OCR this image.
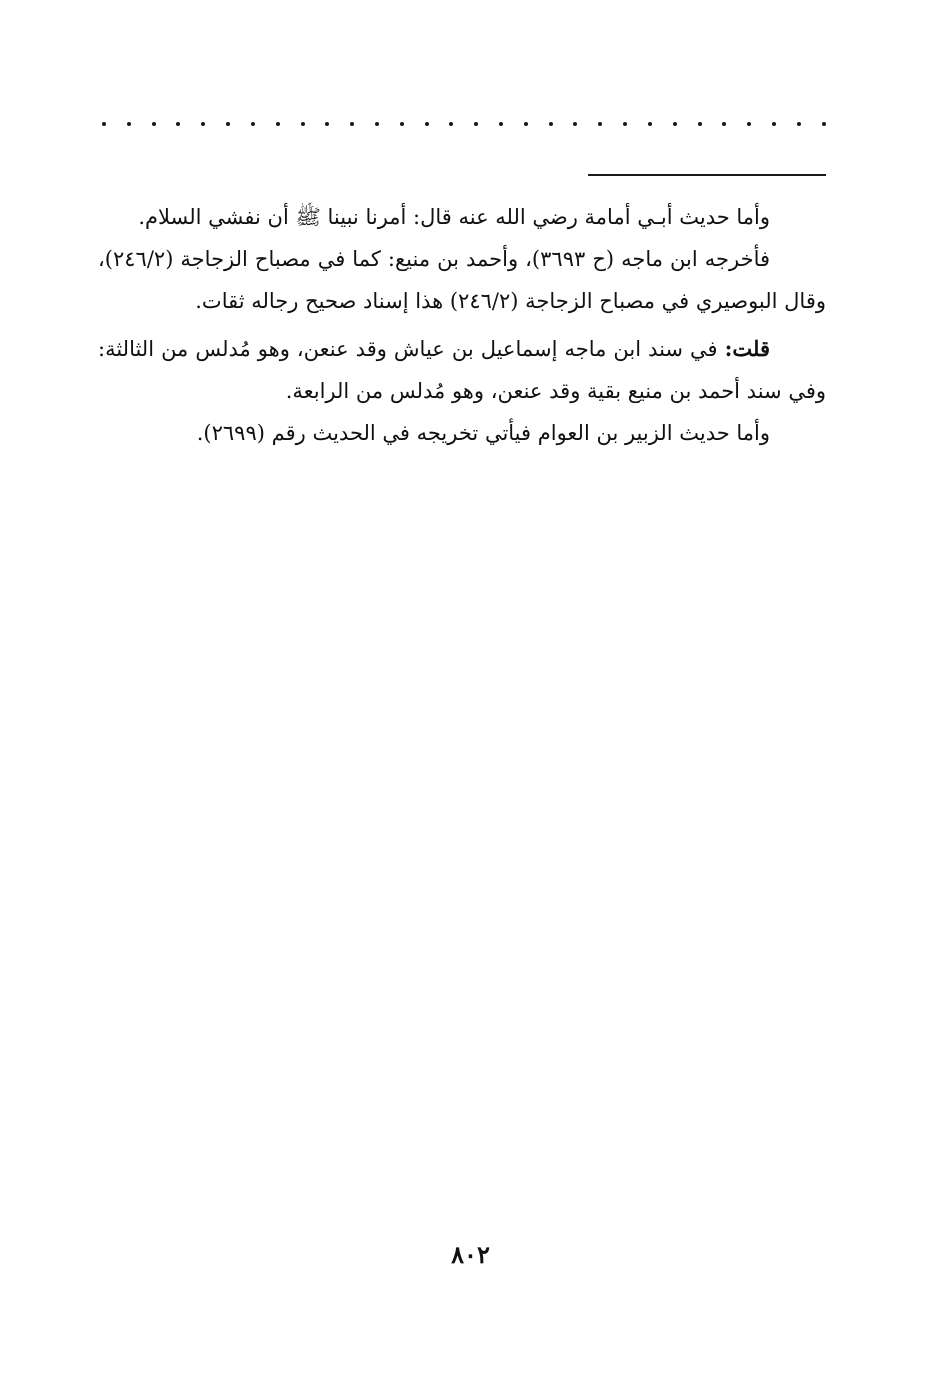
وأما حديث أبـي أمامة رضي الله عنه قال: أمرنا نبينا ﷺ أن نفشي السلام.

فأخرجه ابن ماجه (ح ٣٦٩٣)، وأحمد بن منيع: كما في مصباح الزجاجة (٢٤٦/٢)، وقال البوصيري في مصباح الزجاجة (٢٤٦/٢) هذا إسناد صحيح رجاله ثقات.

قلت: في سند ابن ماجه إسماعيل بن عياش وقد عنعن، وهو مُدلس من الثالثة: وفي سند أحمد بن منيع بقية وقد عنعن، وهو مُدلس من الرابعة.

وأما حديث الزبير بن العوام فيأتي تخريجه في الحديث رقم (٢٦٩٩).

٨٠٢
